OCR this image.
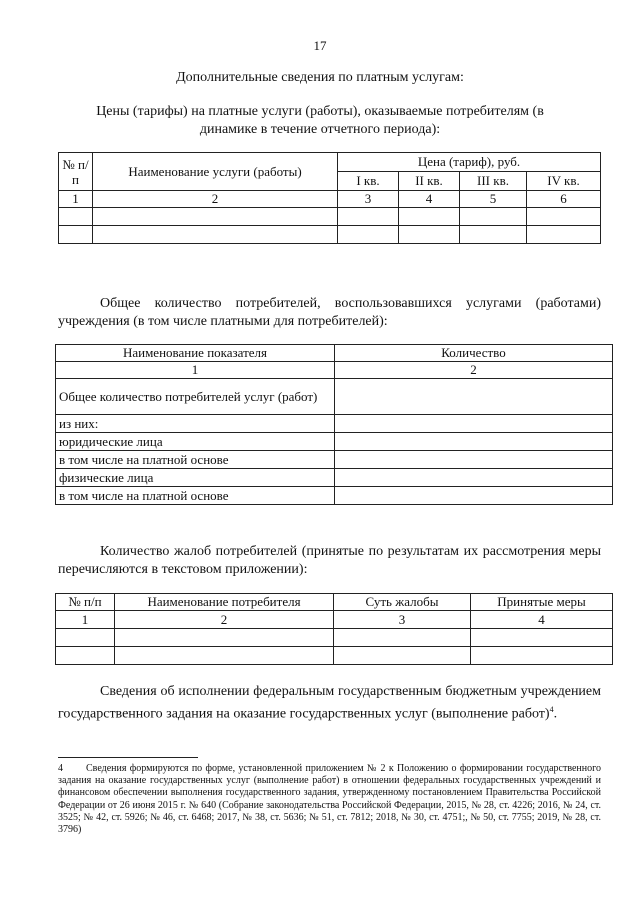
17
Дополнительные сведения по платным услугам:
Цены (тарифы) на платные услуги (работы), оказываемые потребителям (в динамике в течение отчетного периода):
№ п/п	Наименование услуги (работы)	Цена (тариф), руб.			
		I кв.	II кв.	III кв.	IV кв.
1	2	3	4	5	6

Общее количество потребителей, воспользовавшихся услугами (работами) учреждения (в том числе платными для потребителей):
Наименование показателя	Количество
1	2
Общее количество потребителей услуг (работ)	
из них:	
юридические лица	
в том числе на платной основе	
физические лица	
в том числе на платной основе	
Количество жалоб потребителей (принятые по результатам их рассмотрения меры перечисляются в текстовом приложении):
№ п/п	Наименование потребителя	Суть жалобы	Принятые меры
1	2	3	4

Сведения об исполнении федеральным государственным бюджетным учреждением государственного задания на оказание государственных услуг (выполнение работ)$^4$.
4 Сведения формируются по форме, установленной приложением № 2 к Положению о формировании государственного задания на оказание государственных услуг (выполнение работ) в отношении федеральных государственных учреждений и финансовом обеспечении выполнения государственного задания, утвержденному постановлением Правительства Российской Федерации от 26 июня 2015 г. № 640 (Собрание законодательства Российской Федерации, 2015, № 28, ст. 4226; 2016, № 24, ст. 3525; № 42, ст. 5926; № 46, ст. 6468; 2017, № 38, ст. 5636; № 51, ст. 7812; 2018, № 30, ст. 4751;, № 50, ст. 7755; 2019, № 28, ст. 3796)
